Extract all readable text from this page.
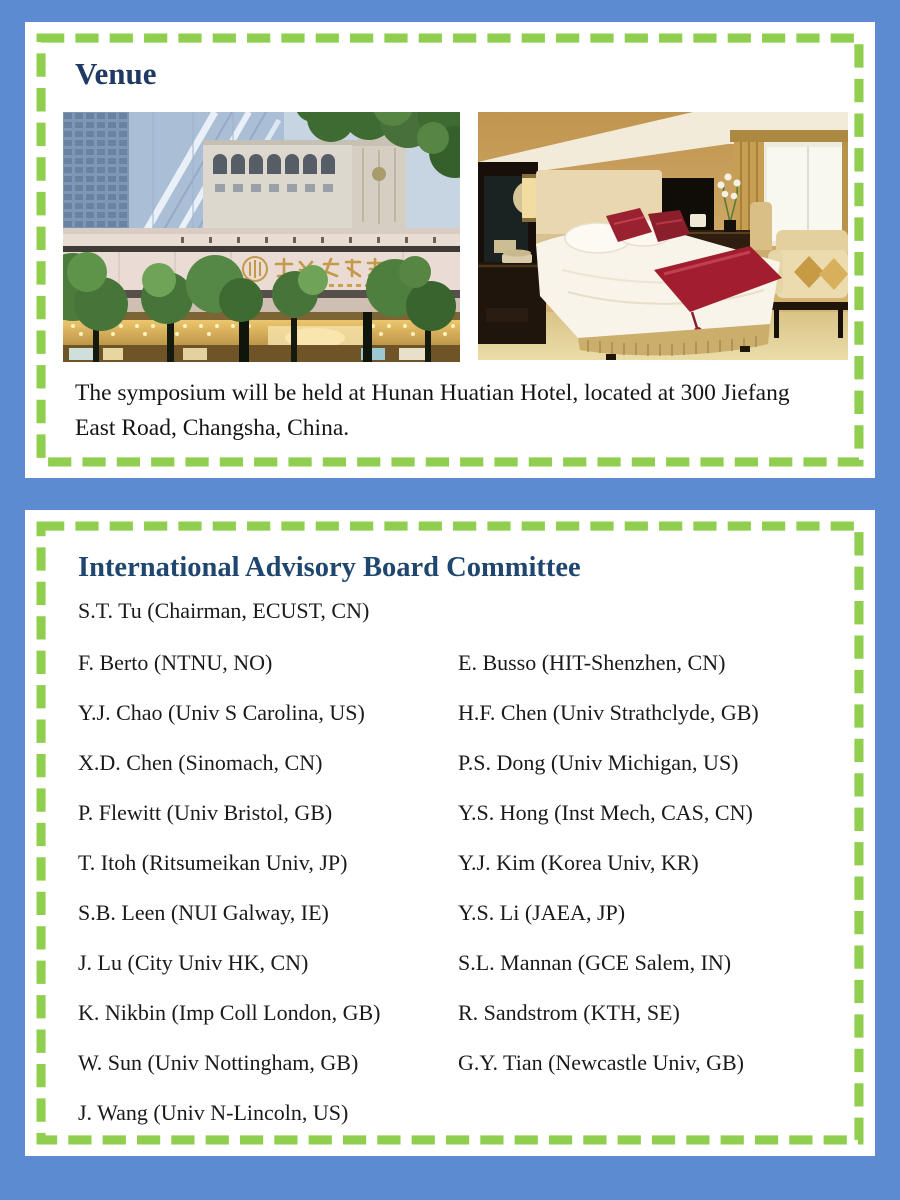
Venue

The symposium will be held at Hunan Huatian Hotel, located at 300 Jiefang East Road, Changsha, China.

International Advisory Board Committee
S.T. Tu (Chairman, ECUST, CN)
F. Berto (NTNU, NO)	E. Busso (HIT-Shenzhen, CN)
Y.J. Chao (Univ S Carolina, US)	H.F. Chen (Univ Strathclyde, GB)
X.D. Chen (Sinomach, CN)	P.S. Dong (Univ Michigan, US)
P. Flewitt (Univ Bristol, GB)	Y.S. Hong (Inst Mech, CAS, CN)
T. Itoh (Ritsumeikan Univ, JP)	Y.J. Kim (Korea Univ, KR)
S.B. Leen (NUI Galway, IE)	Y.S. Li (JAEA, JP)
J. Lu (City Univ HK, CN)	S.L. Mannan (GCE Salem, IN)
K. Nikbin (Imp Coll London, GB)	R. Sandstrom (KTH, SE)
W. Sun (Univ Nottingham, GB)	G.Y. Tian (Newcastle Univ, GB)
J. Wang (Univ N-Lincoln, US)
